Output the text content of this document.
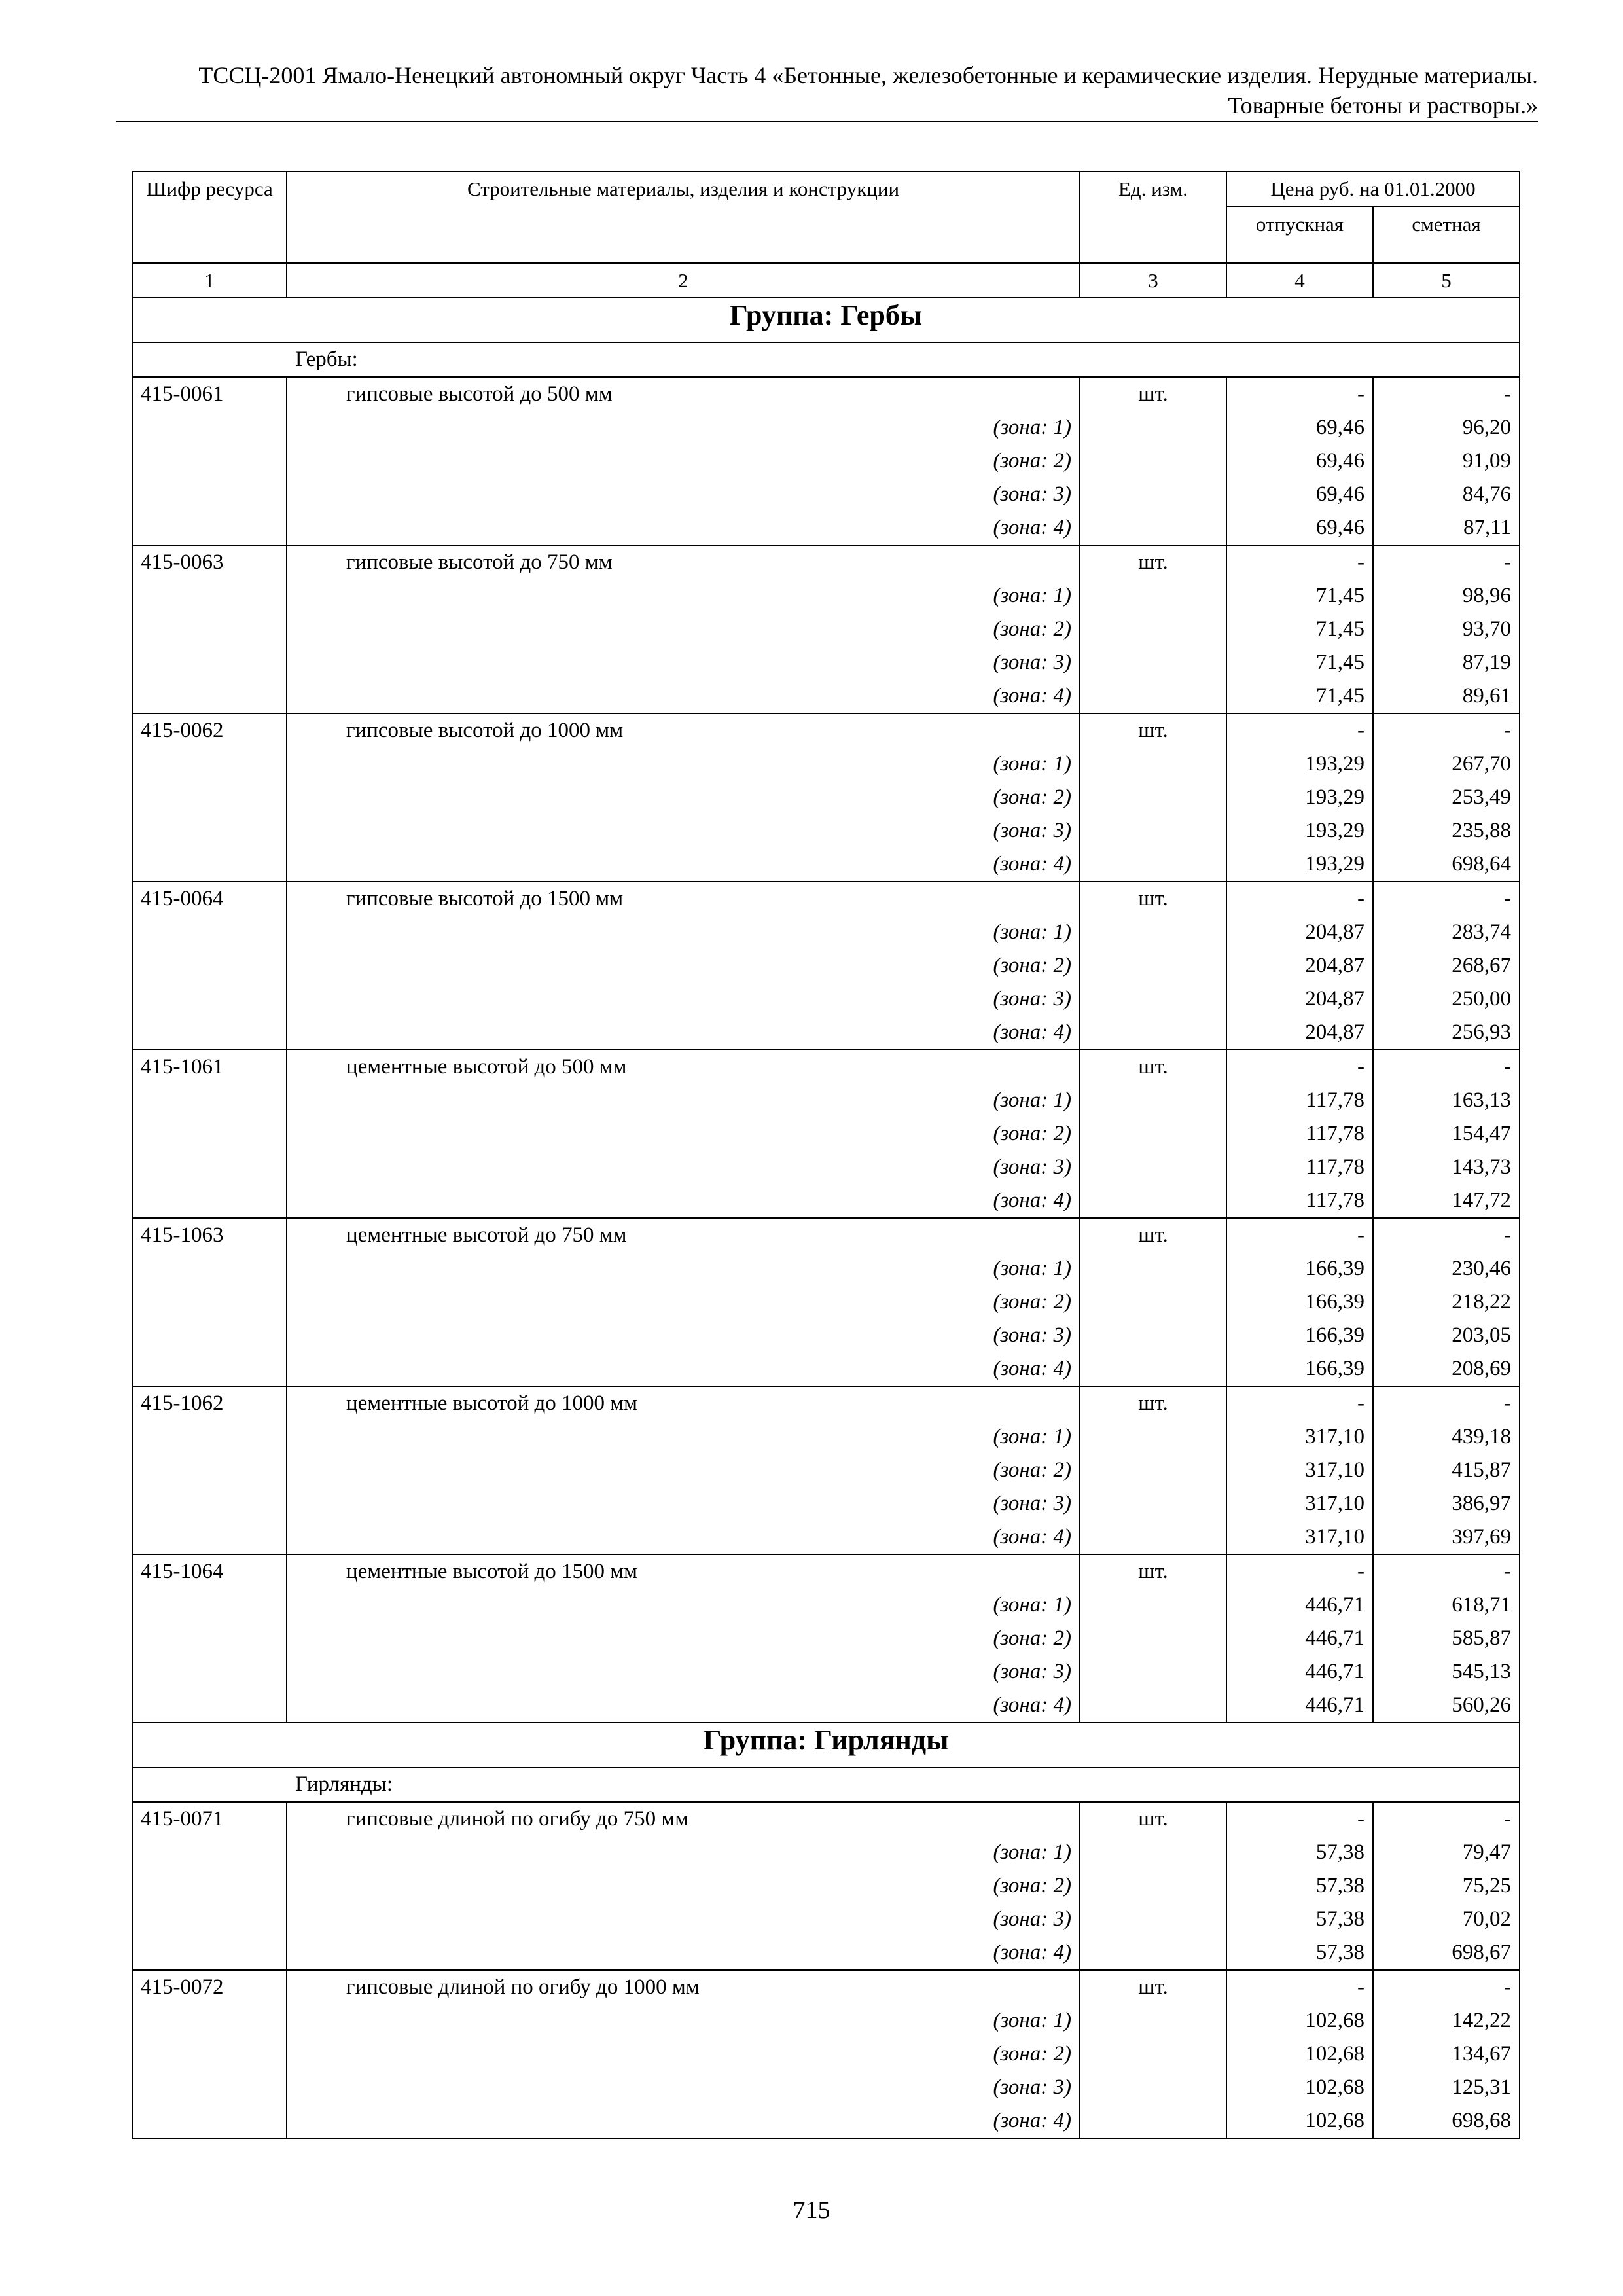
ТССЦ-2001 Ямало-Ненецкий автономный округ Часть 4 «Бетонные, железобетонные и керамические изделия. Нерудные материалы.
Товарные бетоны и растворы.»
Шифр ресурса	Строительные материалы, изделия и конструкции	Ед. изм.	Цена руб. на 01.01.2000	
			отпускная	сметная
1	2	3	4	5
Группа: Гербы				
Гербы:				
415-0061	гипсовые высотой до 500 мм	шт.	-	-
	(зона: 1)		69,46	96,20
	(зона: 2)		69,46	91,09
	(зона: 3)		69,46	84,76
	(зона: 4)		69,46	87,11
415-0063	гипсовые высотой до 750 мм	шт.	-	-
	(зона: 1)		71,45	98,96
	(зона: 2)		71,45	93,70
	(зона: 3)		71,45	87,19
	(зона: 4)		71,45	89,61
415-0062	гипсовые высотой до 1000 мм	шт.	-	-
	(зона: 1)		193,29	267,70
	(зона: 2)		193,29	253,49
	(зона: 3)		193,29	235,88
	(зона: 4)		193,29	698,64
415-0064	гипсовые высотой до 1500 мм	шт.	-	-
	(зона: 1)		204,87	283,74
	(зона: 2)		204,87	268,67
	(зона: 3)		204,87	250,00
	(зона: 4)		204,87	256,93
415-1061	цементные высотой до 500 мм	шт.	-	-
	(зона: 1)		117,78	163,13
	(зона: 2)		117,78	154,47
	(зона: 3)		117,78	143,73
	(зона: 4)		117,78	147,72
415-1063	цементные высотой до 750 мм	шт.	-	-
	(зона: 1)		166,39	230,46
	(зона: 2)		166,39	218,22
	(зона: 3)		166,39	203,05
	(зона: 4)		166,39	208,69
415-1062	цементные высотой до 1000 мм	шт.	-	-
	(зона: 1)		317,10	439,18
	(зона: 2)		317,10	415,87
	(зона: 3)		317,10	386,97
	(зона: 4)		317,10	397,69
415-1064	цементные высотой до 1500 мм	шт.	-	-
	(зона: 1)		446,71	618,71
	(зона: 2)		446,71	585,87
	(зона: 3)		446,71	545,13
	(зона: 4)		446,71	560,26
Группа: Гирлянды				
Гирлянды:				
415-0071	гипсовые длиной по огибу до 750 мм	шт.	-	-
	(зона: 1)		57,38	79,47
	(зона: 2)		57,38	75,25
	(зона: 3)		57,38	70,02
	(зона: 4)		57,38	698,67
415-0072	гипсовые длиной по огибу до 1000 мм	шт.	-	-
	(зона: 1)		102,68	142,22
	(зона: 2)		102,68	134,67
	(зона: 3)		102,68	125,31
	(зона: 4)		102,68	698,68
715
